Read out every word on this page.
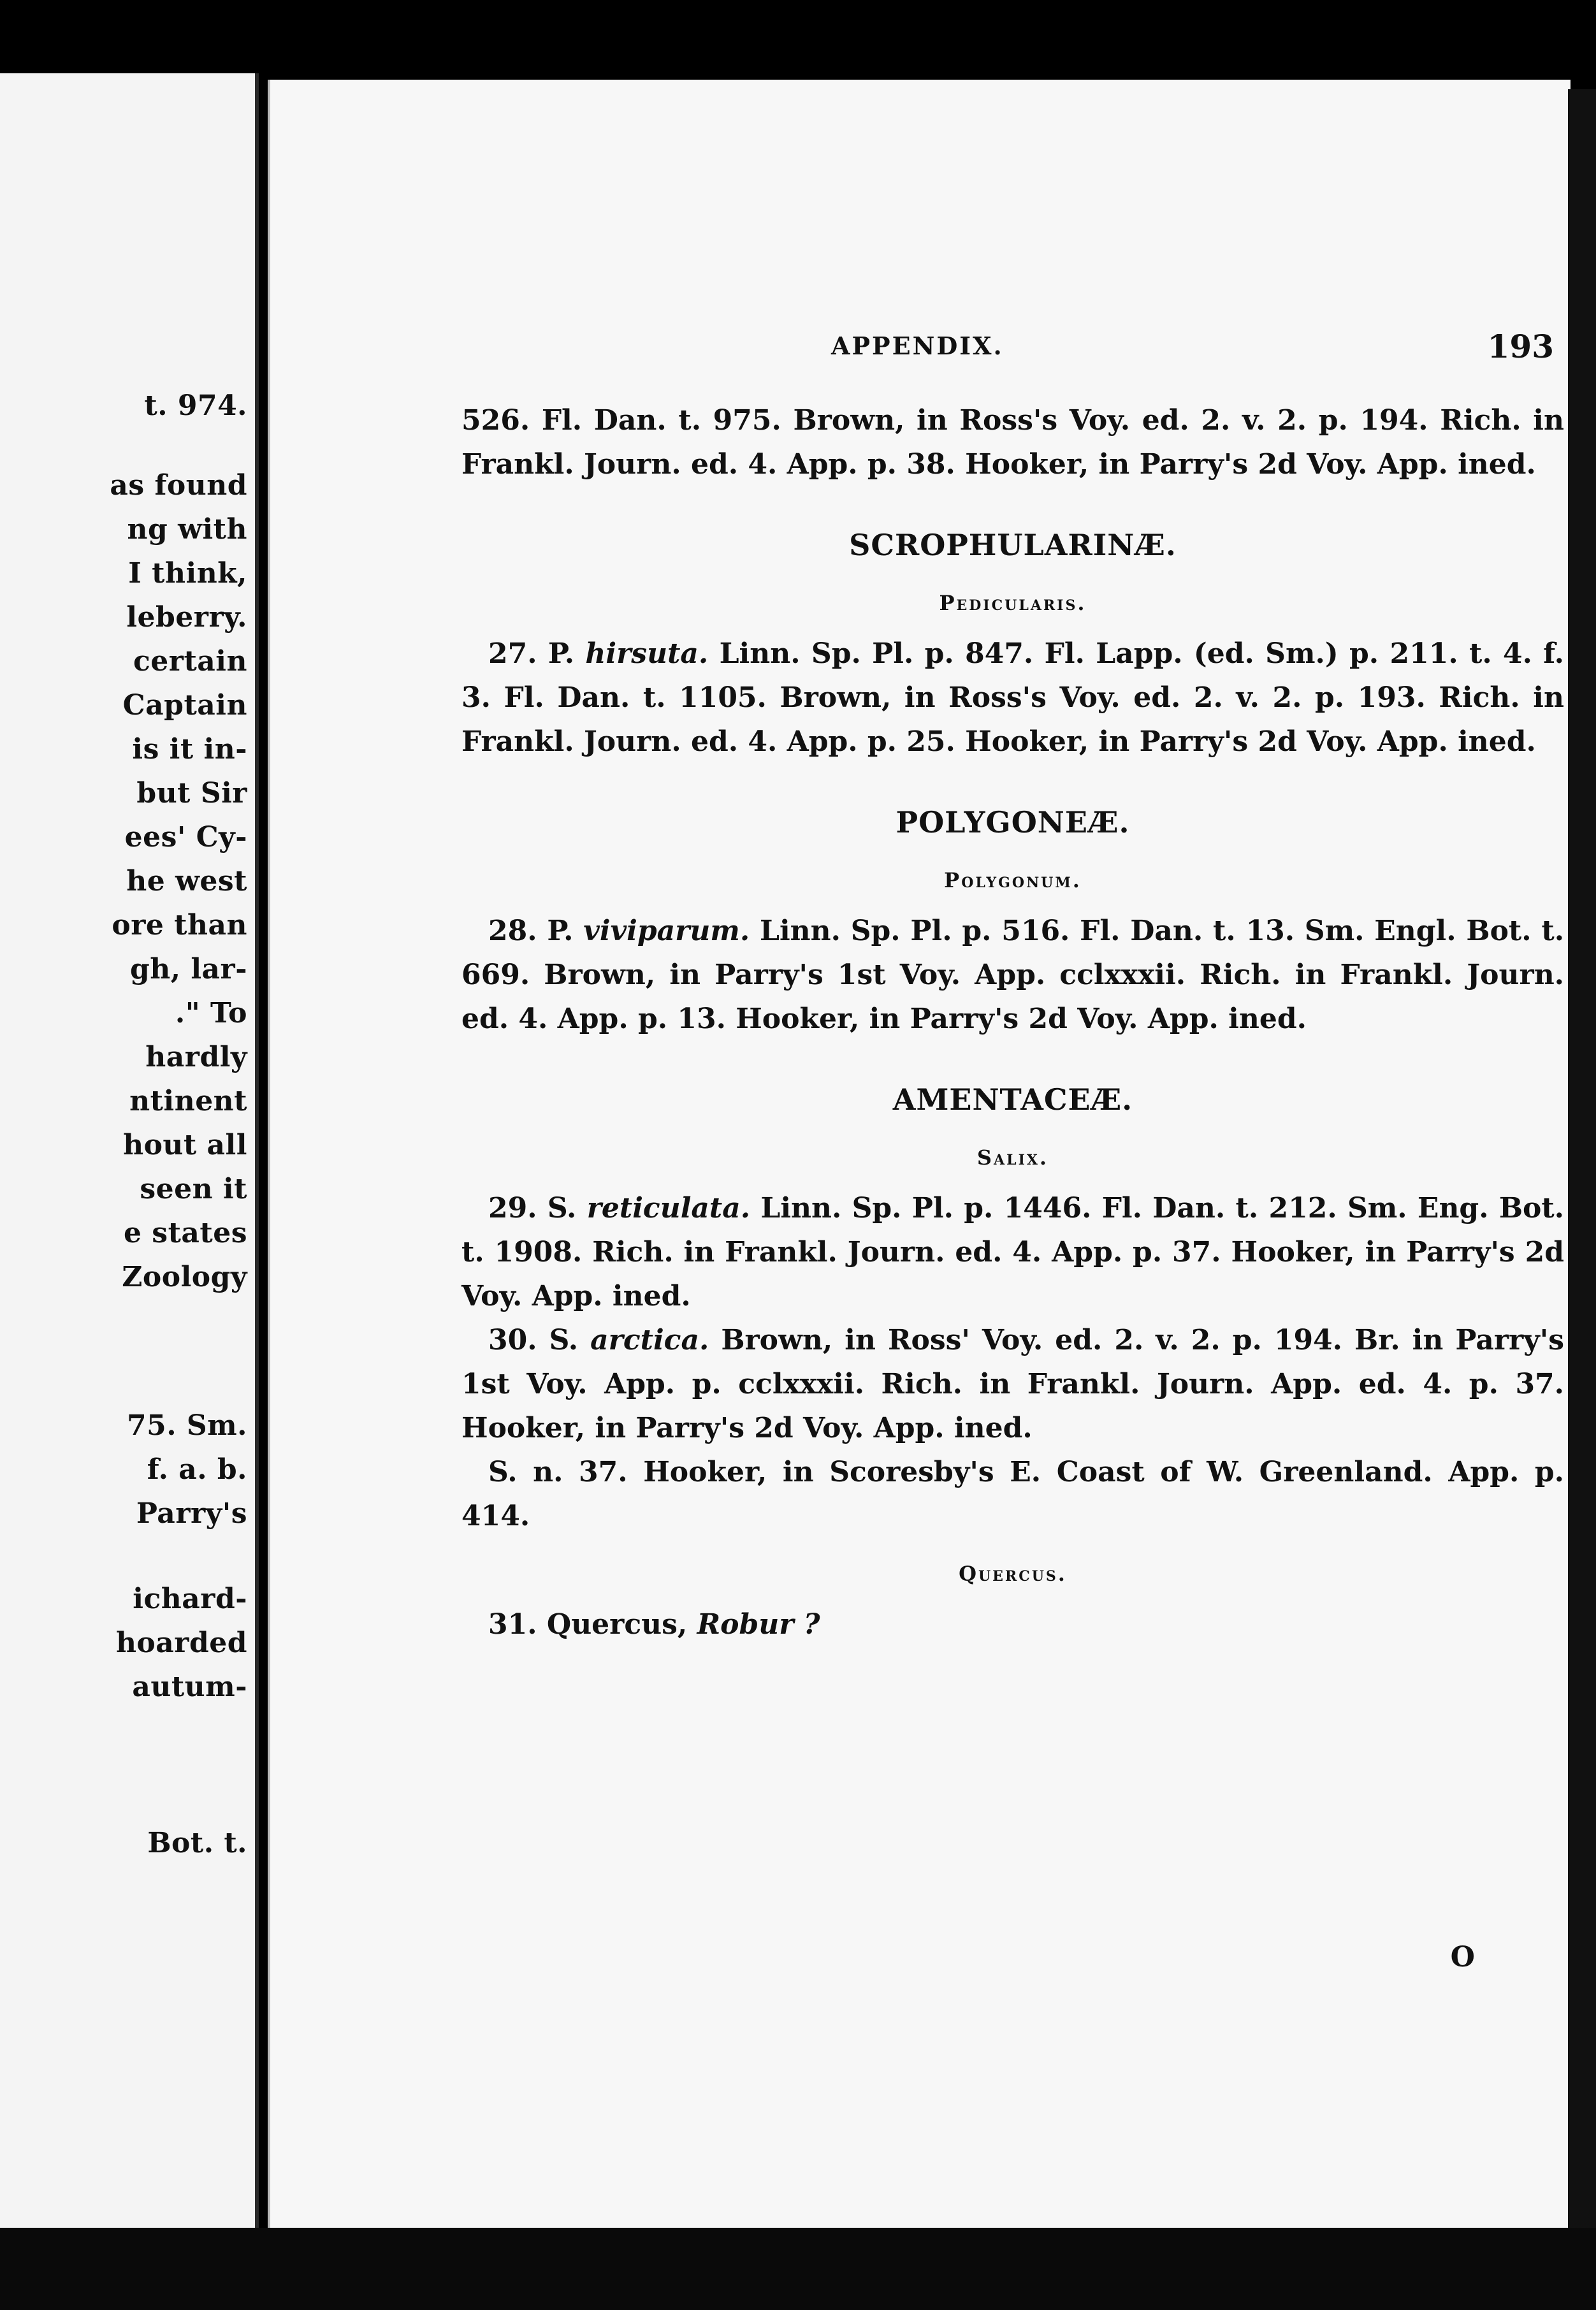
t. 974.
as found
ng with
I think,
leberry.
certain
Captain
is it in-
but Sir
ees' Cy-
he west
ore than
gh, lar-
." To
hardly
ntinent
hout all
seen it
e states
Zoology
75. Sm.
f. a. b.
Parry's
ichard-
hoarded
autum-
Bot. t.
APPENDIX.	193

526. Fl. Dan. t. 975. Brown, in Ross's Voy. ed. 2. v. 2. p. 194. Rich. in Frankl. Journ. ed. 4. App. p. 38. Hooker, in Parry's 2d Voy. App. ined.

SCROPHULARINÆ.
Pedicularis.

27. P. hirsuta. Linn. Sp. Pl. p. 847. Fl. Lapp. (ed. Sm.) p. 211. t. 4. f. 3. Fl. Dan. t. 1105. Brown, in Ross's Voy. ed. 2. v. 2. p. 193. Rich. in Frankl. Journ. ed. 4. App. p. 25. Hooker, in Parry's 2d Voy. App. ined.

POLYGONEÆ.
Polygonum.

28. P. viviparum. Linn. Sp. Pl. p. 516. Fl. Dan. t. 13. Sm. Engl. Bot. t. 669. Brown, in Parry's 1st Voy. App. cclxxxii. Rich. in Frankl. Journ. ed. 4. App. p. 13. Hooker, in Parry's 2d Voy. App. ined.

AMENTACEÆ.
Salix.

29. S. reticulata. Linn. Sp. Pl. p. 1446. Fl. Dan. t. 212. Sm. Eng. Bot. t. 1908. Rich. in Frankl. Journ. ed. 4. App. p. 37. Hooker, in Parry's 2d Voy. App. ined.

30. S. arctica. Brown, in Ross' Voy. ed. 2. v. 2. p. 194. Br. in Parry's 1st Voy. App. p. cclxxxii. Rich. in Frankl. Journ. App. ed. 4. p. 37. Hooker, in Parry's 2d Voy. App. ined.

S. n. 37. Hooker, in Scoresby's E. Coast of W. Greenland. App. p. 414.

Quercus.

31. Quercus, Robur ?

O
